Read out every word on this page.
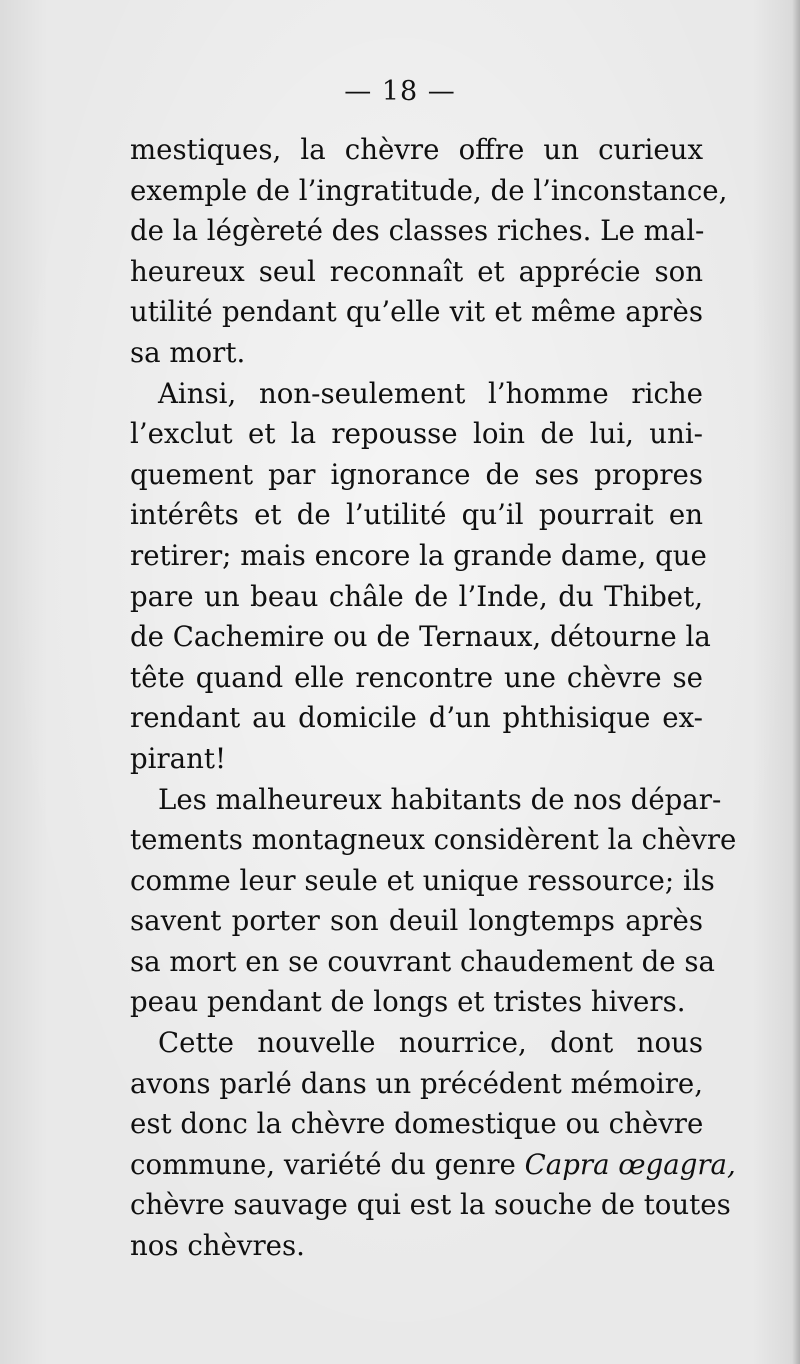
— 18 —
mestiques, la chèvre offre un curieux
exemple de l’ingratitude, de l’inconstance,
de la légèreté des classes riches. Le mal-
heureux seul reconnaît et apprécie son
utilité pendant qu’elle vit et même après
sa mort.
Ainsi, non-seulement l’homme riche
l’exclut et la repousse loin de lui, uni-
quement par ignorance de ses propres
intérêts et de l’utilité qu’il pourrait en
retirer; mais encore la grande dame, que
pare un beau châle de l’Inde, du Thibet,
de Cachemire ou de Ternaux, détourne la
tête quand elle rencontre une chèvre se
rendant au domicile d’un phthisique ex-
pirant!
Les malheureux habitants de nos dépar-
tements montagneux considèrent la chèvre
comme leur seule et unique ressource; ils
savent porter son deuil longtemps après
sa mort en se couvrant chaudement de sa
peau pendant de longs et tristes hivers.
Cette nouvelle nourrice, dont nous
avons parlé dans un précédent mémoire,
est donc la chèvre domestique ou chèvre
commune, variété du genre Capra œgagra,
chèvre sauvage qui est la souche de toutes
nos chèvres.
